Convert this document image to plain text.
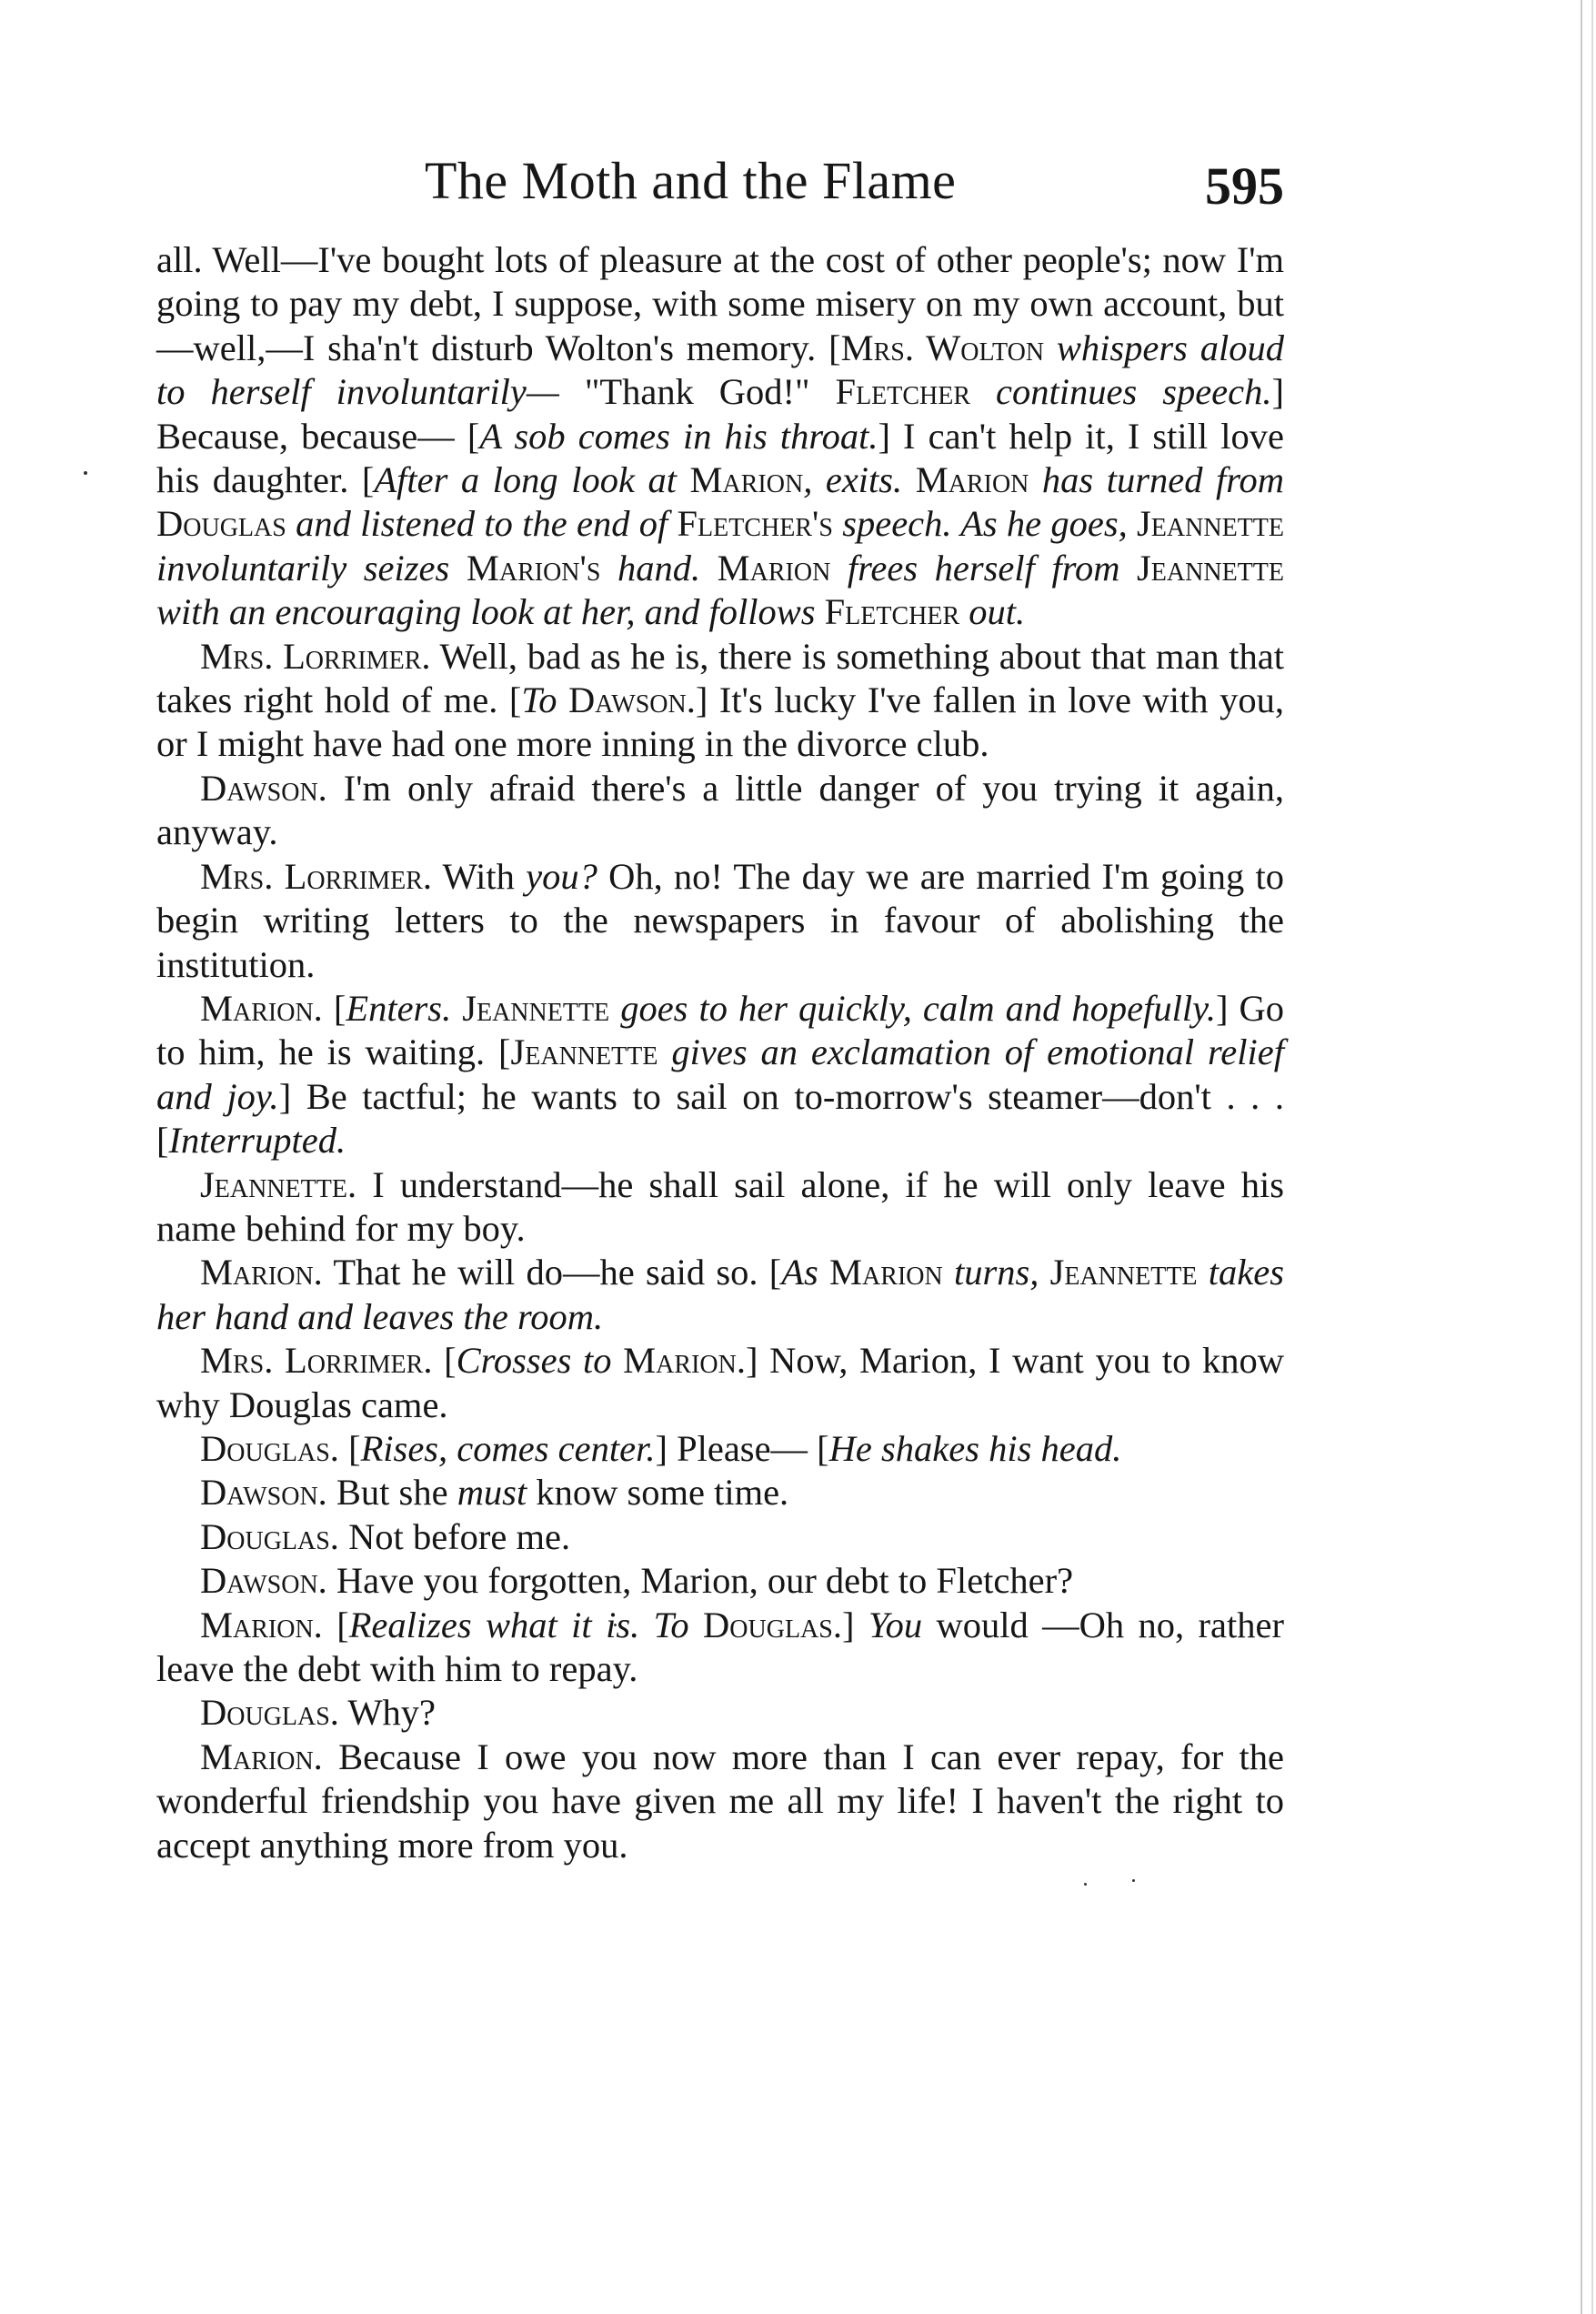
The Moth and the Flame	595

all. Well—I've bought lots of pleasure at the cost of other people's; now I'm going to pay my debt, I suppose, with some misery on my own account, but—well,—I sha'n't disturb Wolton's memory. [Mrs. Wolton whispers aloud to herself involuntarily— "Thank God!" Fletcher continues speech.] Because, because— [A sob comes in his throat.] I can't help it, I still love his daughter. [After a long look at Marion, exits. Marion has turned from Douglas and listened to the end of Fletcher's speech. As he goes, Jeannette involuntarily seizes Marion's hand. Marion frees herself from Jeannette with an encouraging look at her, and follows Fletcher out.

Mrs. Lorrimer. Well, bad as he is, there is something about that man that takes right hold of me. [To Dawson.] It's lucky I've fallen in love with you, or I might have had one more inning in the divorce club.

Dawson. I'm only afraid there's a little danger of you trying it again, anyway.

Mrs. Lorrimer. With you? Oh, no! The day we are married I'm going to begin writing letters to the newspapers in favour of abolishing the institution.

Marion. [Enters. Jeannette goes to her quickly, calm and hopefully.] Go to him, he is waiting. [Jeannette gives an exclamation of emotional relief and joy.] Be tactful; he wants to sail on to-morrow's steamer—don't . . . [Interrupted.

Jeannette. I understand—he shall sail alone, if he will only leave his name behind for my boy.

Marion. That he will do—he said so. [As Marion turns, Jeannette takes her hand and leaves the room.

Mrs. Lorrimer. [Crosses to Marion.] Now, Marion, I want you to know why Douglas came.

Douglas. [Rises, comes center.] Please— [He shakes his head.

Dawson. But she must know some time.

Douglas. Not before me.

Dawson. Have you forgotten, Marion, our debt to Fletcher?

Marion. [Realizes what it is. To Douglas.] You would —Oh no, rather leave the debt with him to repay.

Douglas. Why?

Marion. Because I owe you now more than I can ever repay, for the wonderful friendship you have given me all my life! I haven't the right to accept anything more from you.
